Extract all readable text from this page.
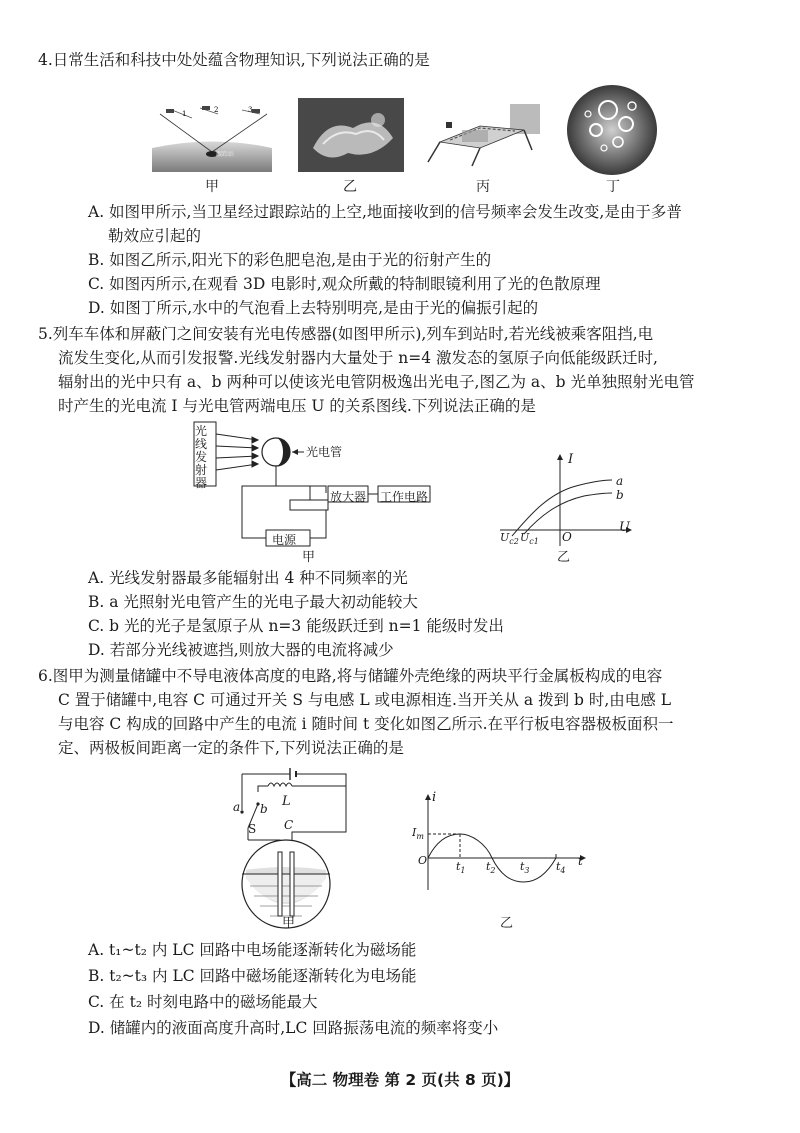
4.日常生活和科技中处处蕴含物理知识,下列说法正确的是
1	2	3
跟踪站
甲	乙	丙	丁
A. 如图甲所示,当卫星经过跟踪站的上空,地面接收到的信号频率会发生改变,是由于多普
勒效应引起的
B. 如图乙所示,阳光下的彩色肥皂泡,是由于光的衍射产生的
C. 如图丙所示,在观看 3D 电影时,观众所戴的特制眼镜利用了光的色散原理
D. 如图丁所示,水中的气泡看上去特别明亮,是由于光的偏振引起的
5.列车车体和屏蔽门之间安装有光电传感器(如图甲所示),列车到站时,若光线被乘客阻挡,电
流发生变化,从而引发报警.光线发射器内大量处于 n=4 激发态的氢原子向低能级跃迁时,
辐射出的光中只有 a、b 两种可以使该光电管阴极逸出光电子,图乙为 a、b 光单独照射光电管
时产生的光电流 I 与光电管两端电压 U 的关系图线.下列说法正确的是
光线发射器
光电管
放大器 工作电路
电源
甲
I
U
O
a
b
$U_{c2}$ $U_{c1}$
乙
A. 光线发射器最多能辐射出 4 种不同频率的光
B. a 光照射光电管产生的光电子最大初动能较大
C. b 光的光子是氢原子从 n=3 能级跃迁到 n=1 能级时发出
D. 若部分光线被遮挡,则放大器的电流将减少
6.图甲为测量储罐中不导电液体高度的电路,将与储罐外壳绝缘的两块平行金属板构成的电容
C 置于储罐中,电容 C 可通过开关 S 与电感 L 或电源相连.当开关从 a 拨到 b 时,由电感 L
与电容 C 构成的回路中产生的电流 i 随时间 t 变化如图乙所示.在平行板电容器极板面积一
定、两极板间距离一定的条件下,下列说法正确的是
a b L
S C
甲
i
$I_m$
O	t
$t_1$ $t_2$ $t_3$ $t_4$
乙
A. t₁~t₂ 内 LC 回路中电场能逐渐转化为磁场能
B. t₂~t₃ 内 LC 回路中磁场能逐渐转化为电场能
C. 在 t₂ 时刻电路中的磁场能最大
D. 储罐内的液面高度升高时,LC 回路振荡电流的频率将变小
【高二 物理卷 第 2 页(共 8 页)】
